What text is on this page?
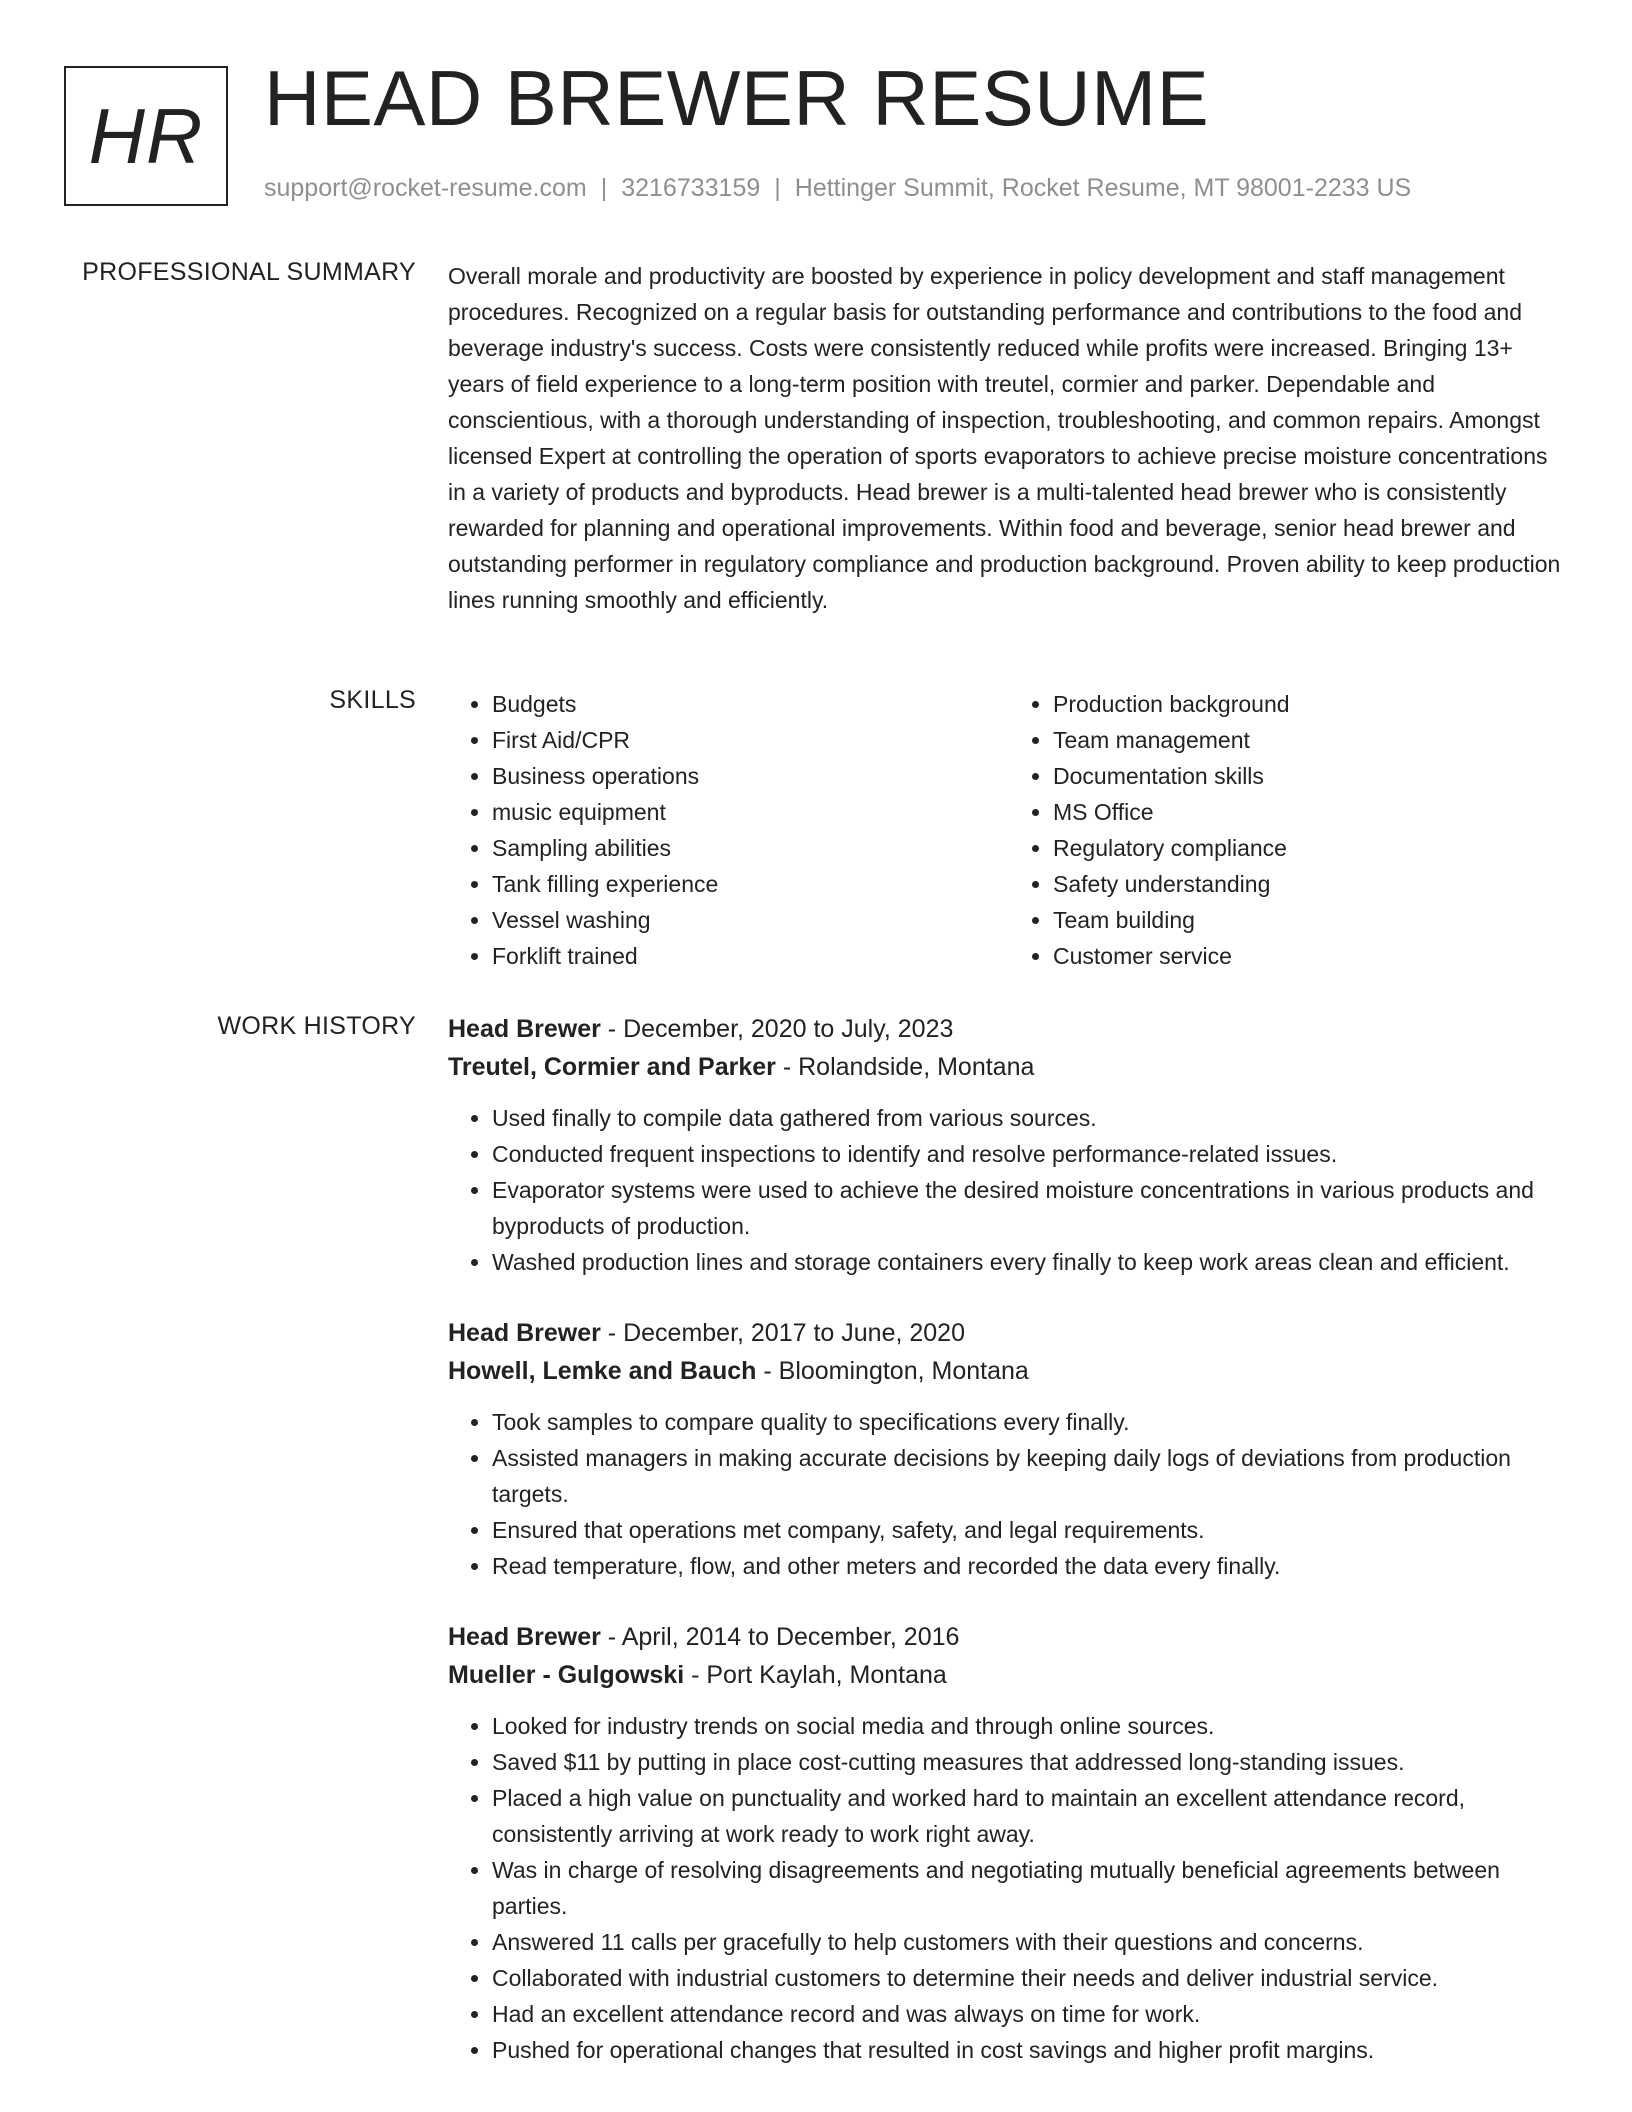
HR HEAD BREWER RESUME
support@rocket-resume.com | 3216733159 | Hettinger Summit, Rocket Resume, MT 98001-2233 US
PROFESSIONAL SUMMARY Overall morale and productivity are boosted by experience in policy development and staff management procedures. Recognized on a regular basis for outstanding performance and contributions to the food and beverage industry's success. Costs were consistently reduced while profits were increased. Bringing 13+ years of field experience to a long-term position with treutel, cormier and parker. Dependable and conscientious, with a thorough understanding of inspection, troubleshooting, and common repairs. Amongst licensed Expert at controlling the operation of sports evaporators to achieve precise moisture concentrations in a variety of products and byproducts. Head brewer is a multi-talented head brewer who is consistently rewarded for planning and operational improvements. Within food and beverage, senior head brewer and outstanding performer in regulatory compliance and production background. Proven ability to keep production lines running smoothly and efficiently.

SKILLS
•	Budgets
• First Aid/CPR
• Business operations
• music equipment
• Sampling abilities
• Tank filling experience
• Vessel washing
• Forklift trained
• Production background
• Team management
• Documentation skills
• MS Office
• Regulatory compliance
• Safety understanding
• Team building
• Customer service
WORK HISTORY Head Brewer - December, 2020 to July, 2023
Treutel, Cormier and Parker - Rolandside, Montana
• Used finally to compile data gathered from various sources.
• Conducted frequent inspections to identify and resolve performance-related issues.
• Evaporator systems were used to achieve the desired moisture concentrations in various products and byproducts of production.
• Washed production lines and storage containers every finally to keep work areas clean and efficient.
Head Brewer - December, 2017 to June, 2020
Howell, Lemke and Bauch - Bloomington, Montana
• Took samples to compare quality to specifications every finally.
• Assisted managers in making accurate decisions by keeping daily logs of deviations from production targets.
• Ensured that operations met company, safety, and legal requirements.
• Read temperature, flow, and other meters and recorded the data every finally.
Head Brewer - April, 2014 to December, 2016
Mueller - Gulgowski - Port Kaylah, Montana
• Looked for industry trends on social media and through online sources.
• Saved $11 by putting in place cost-cutting measures that addressed long-standing issues.
• Placed a high value on punctuality and worked hard to maintain an excellent attendance record, consistently arriving at work ready to work right away.
• Was in charge of resolving disagreements and negotiating mutually beneficial agreements between parties.
• Answered 11 calls per gracefully to help customers with their questions and concerns.
• Collaborated with industrial customers to determine their needs and deliver industrial service.
• Had an excellent attendance record and was always on time for work.
• Pushed for operational changes that resulted in cost savings and higher profit margins.
